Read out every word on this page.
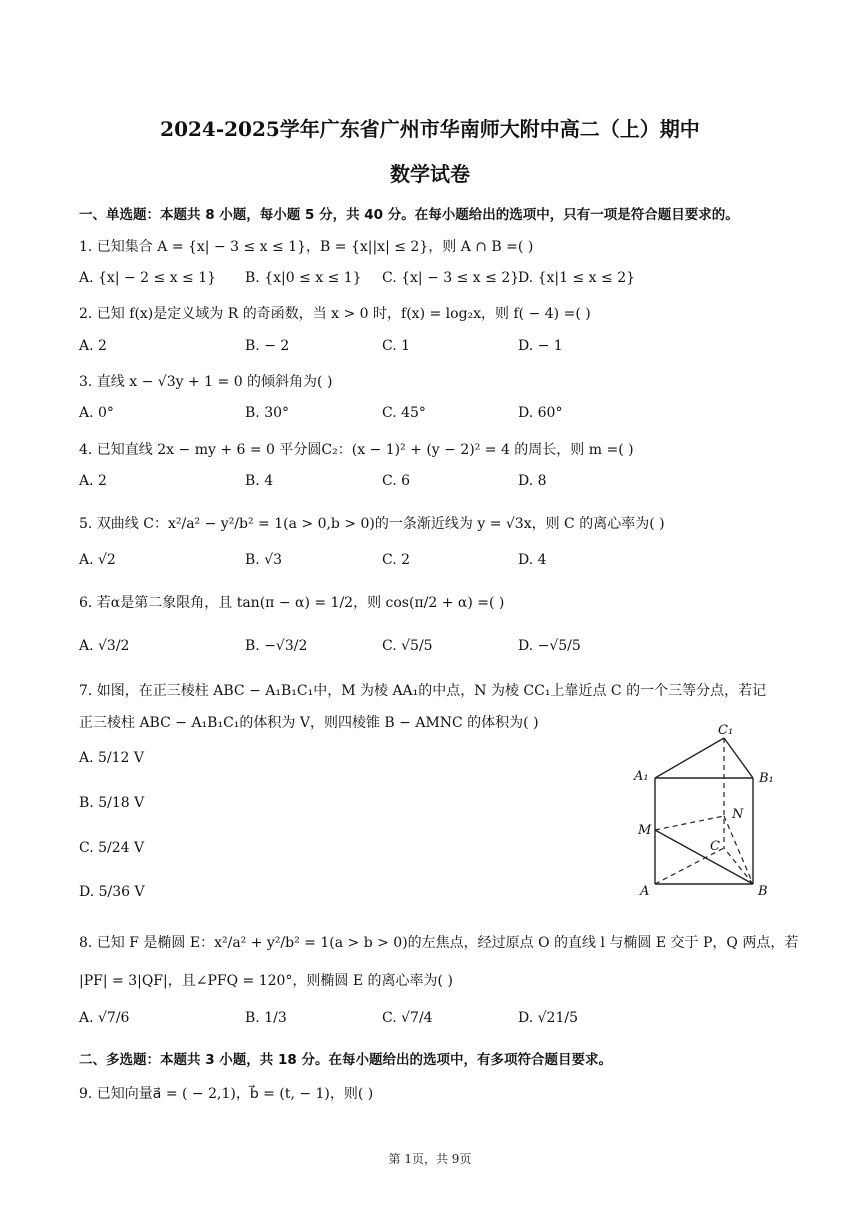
2024-2025学年广东省广州市华南师大附中高二（上）期中
数学试卷
一、单选题：本题共 8 小题，每小题 5 分，共 40 分。在每小题给出的选项中，只有一项是符合题目要求的。
1. 已知集合 A = {x| − 3 ≤ x ≤ 1}，B = {x||x| ≤ 2}，则 A ∩ B =( )
A. {x| − 2 ≤ x ≤ 1} B. {x|0 ≤ x ≤ 1} C. {x| − 3 ≤ x ≤ 2}
D. {x|1 ≤ x ≤ 2}
2. 已知 f(x)是定义域为 R 的奇函数，当 x > 0 时，f(x) = log₂x，则 f( − 4) =( )
A. 2	B. − 2	C. 1	D. − 1
3. 直线 x − √3y + 1 = 0 的倾斜角为( )
A. 0°	B. 30°	C. 45°	D. 60°
4. 已知直线 2x − my + 6 = 0 平分圆C₂：(x − 1)² + (y − 2)² = 4 的周长，则 m =( )
A. 2	B. 4	C. 6	D. 8
5. 双曲线 C：x²/a² − y²/b² = 1(a > 0,b > 0)的一条渐近线为 y = √3x，则 C 的离心率为( )
A. √2	B. √3	C. 2	D. 4
6. 若α是第二象限角，且 tan(π − α) = 1/2，则 cos(π/2 + α) =( )
A. √3/2	B. −√3/2	C. √5/5	D. −√5/5
7. 如图，在正三棱柱 ABC − A₁B₁C₁中，M 为棱 AA₁的中点，N 为棱 CC₁上靠近点 C 的一个三等分点，若记
正三棱柱 ABC − A₁B₁C₁的体积为 V，则四棱锥 B − AMNC 的体积为( )
A. 5/12 V
B. 5/18 V
C. 5/24 V
D. 5/36 V
C₁
A₁	B₁
M
N
C
A	B
8. 已知 F 是椭圆 E：x²/a² + y²/b² = 1(a > b > 0)的左焦点，经过原点 O 的直线 l 与椭圆 E 交于 P，Q 两点，若
|PF| = 3|QF|，且∠PFQ = 120°，则椭圆 E 的离心率为( )
A. √7/6	B. 1/3	C. √7/4	D. √21/5
二、多选题：本题共 3 小题，共 18 分。在每小题给出的选项中，有多项符合题目要求。
9. 已知向量a⃗ = ( − 2,1)，b⃗ = (t, − 1)，则( )
第 1页，共 9页
